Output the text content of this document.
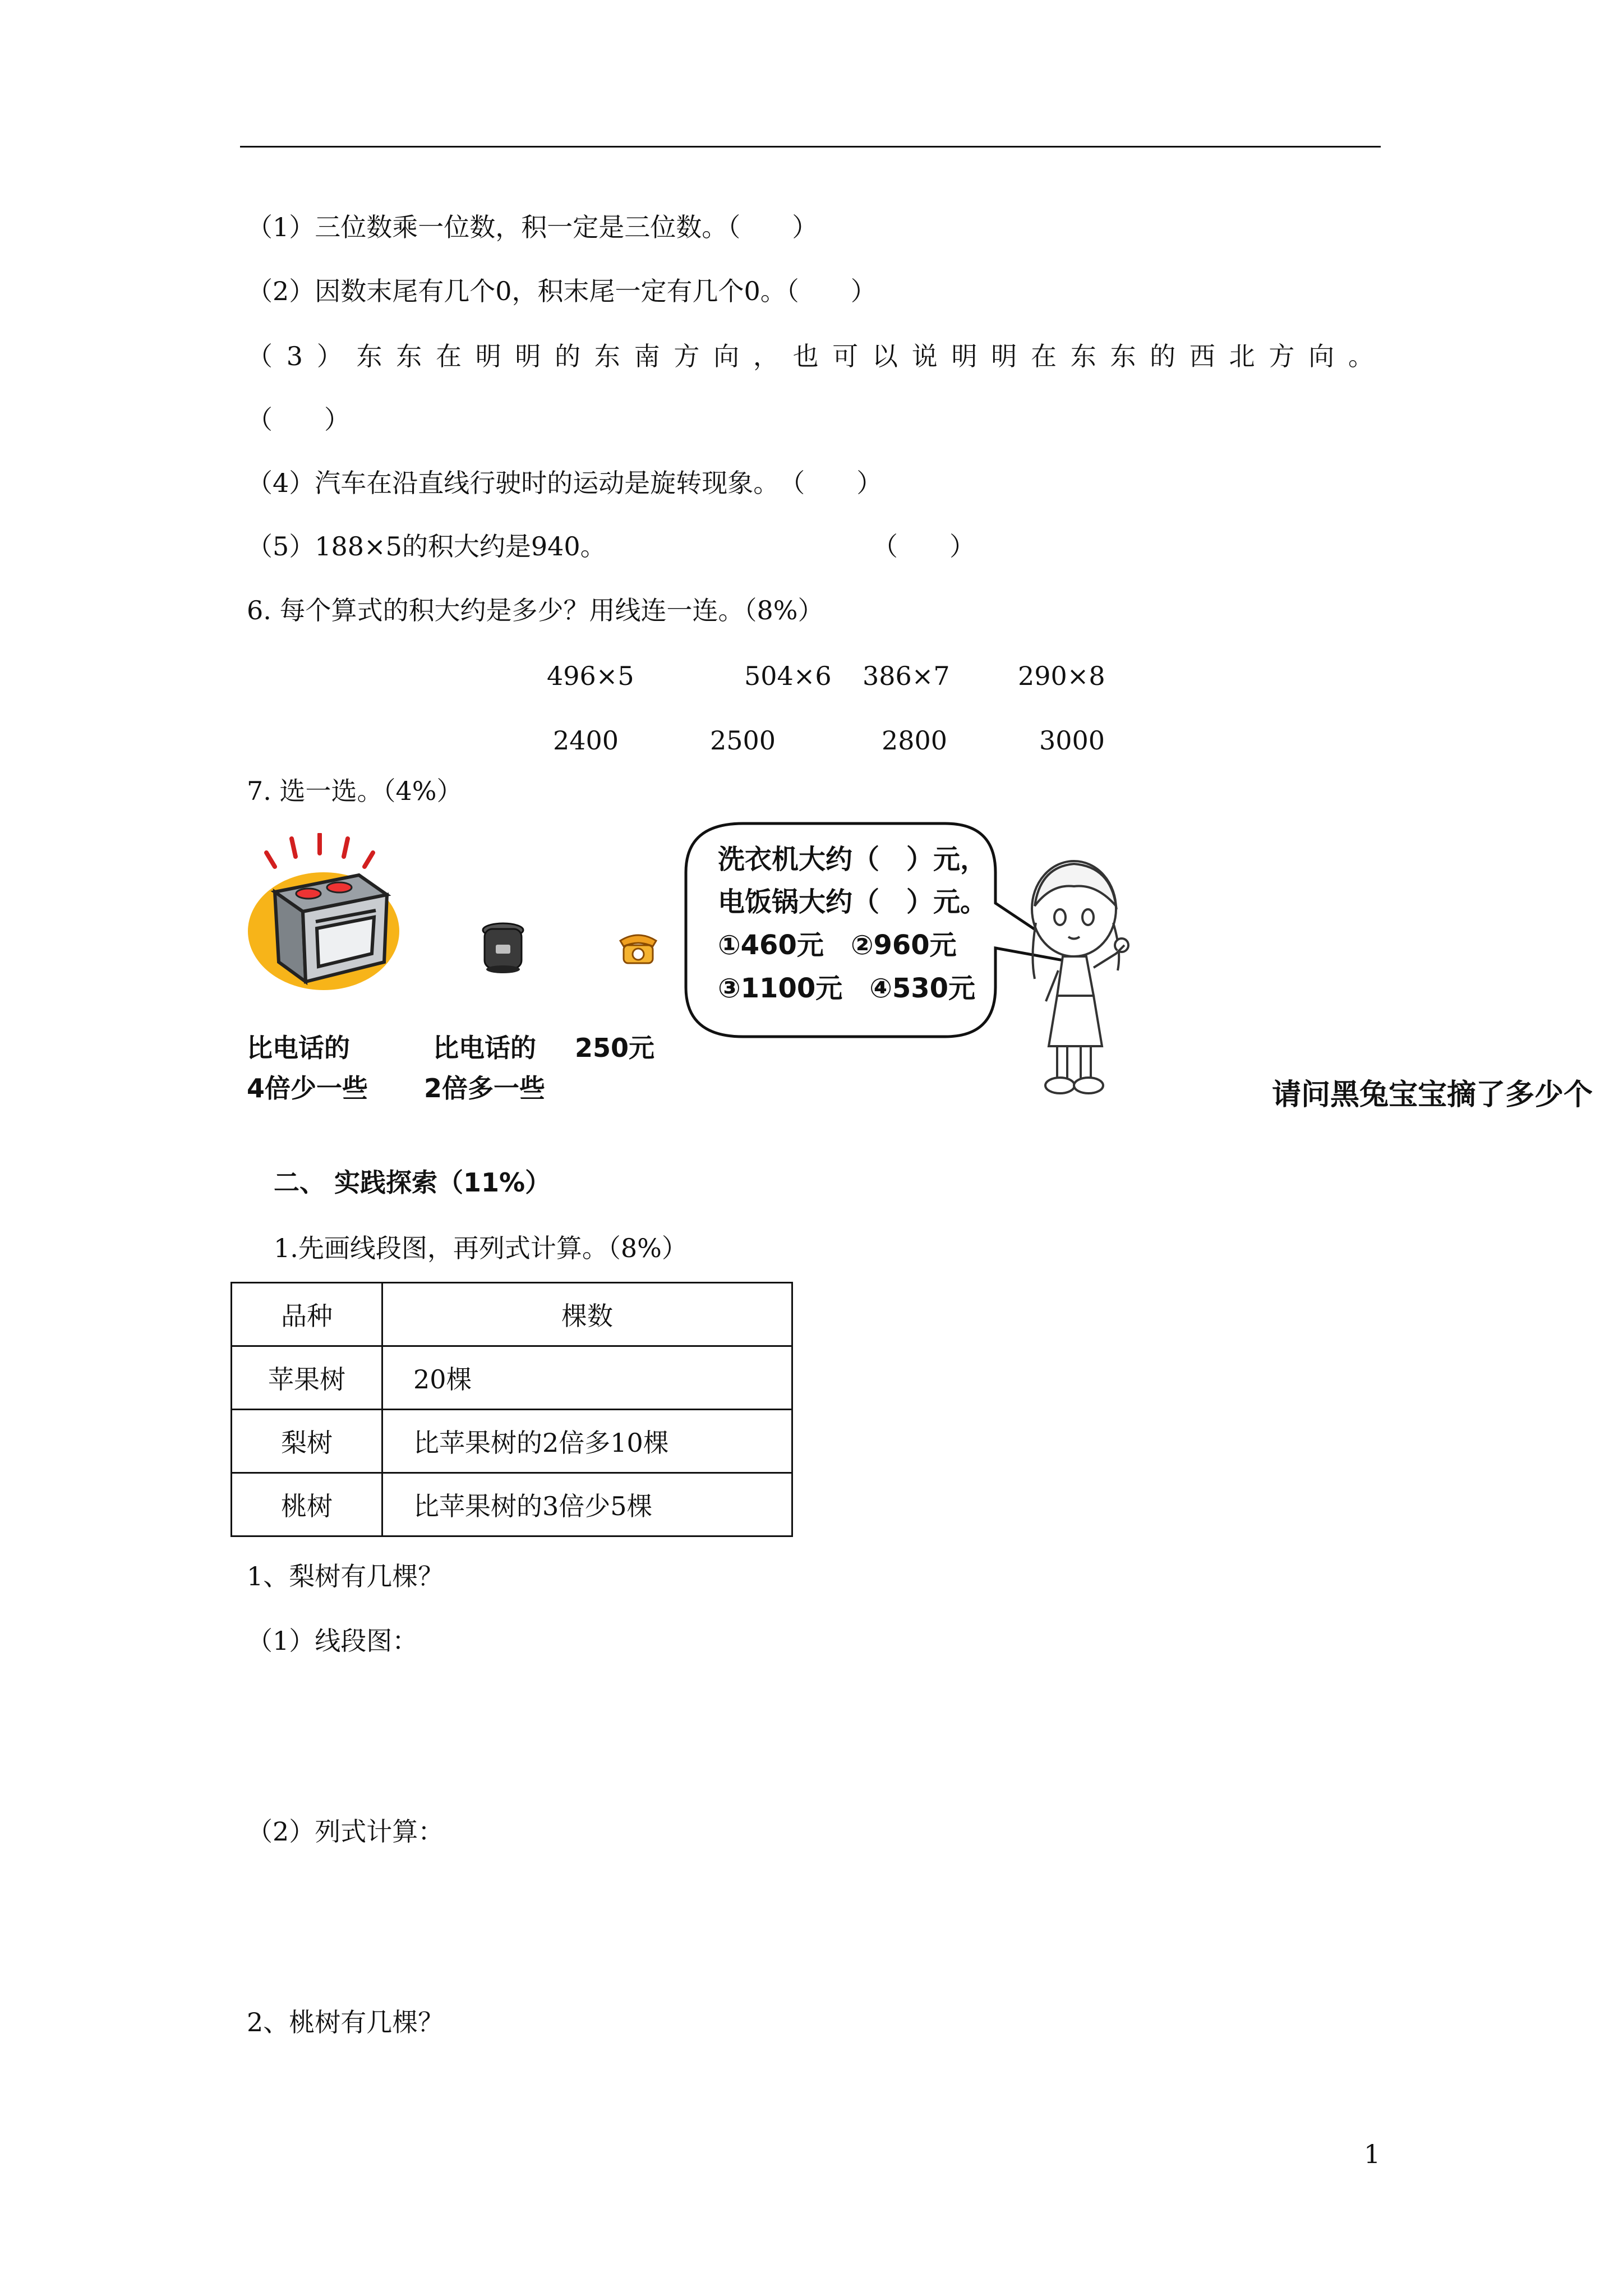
（1）三位数乘一位数，积一定是三位数。（　　）
（2）因数末尾有几个0，积末尾一定有几个0。（　　）
（ 3 ） 东 东 在 明 明 的 东 南 方 向 ， 也 可 以 说 明 明 在 东 东 的 西 北 方 向 。
（　　）
（4）汽车在沿直线行驶时的运动是旋转现象。　（　　）
（5）188×5的积大约是940。	（　　）
6. 每个算式的积大约是多少？用线连一连。（8%）
496×5	504×6 386×7	290×8
2400	2500	2800	3000
7. 选一选。（4%）
比电话的
4倍少一些
比电话的
2倍多一些
250元
洗衣机大约（　）元，
电饭锅大约（　）元。
①460元　②960元
③1100元　④530元
请问黑兔宝宝摘了多少个
二、 实践探索（11%）
1.先画线段图，再列式计算。（8%）
品种	棵数
苹果树	20棵
梨树	比苹果树的2倍多10棵
桃树	比苹果树的3倍少5棵
1、梨树有几棵？
（1）线段图：
（2）列式计算：
2、桃树有几棵？
1
